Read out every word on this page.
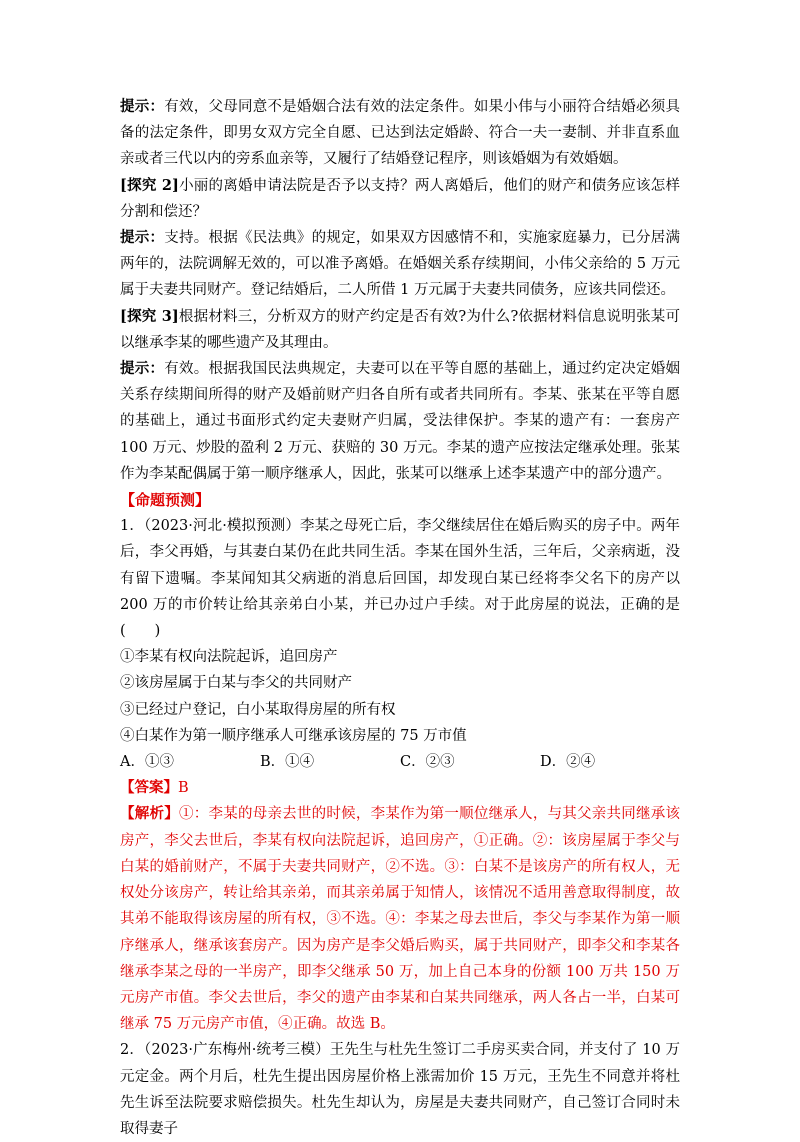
提示：有效，父母同意不是婚姻合法有效的法定条件。如果小伟与小丽符合结婚必须具备的法定条件，即男女双方完全自愿、已达到法定婚龄、符合一夫一妻制、并非直系血亲或者三代以内的旁系血亲等，又履行了结婚登记程序，则该婚姻为有效婚姻。

[探究 2]小丽的离婚申请法院是否予以支持？两人离婚后，他们的财产和债务应该怎样分割和偿还？

提示：支持。根据《民法典》的规定，如果双方因感情不和，实施家庭暴力，已分居满两年的，法院调解无效的，可以准予离婚。在婚姻关系存续期间，小伟父亲给的 5 万元属于夫妻共同财产。登记结婚后，二人所借 1 万元属于夫妻共同债务，应该共同偿还。

[探究 3]根据材料三，分析双方的财产约定是否有效?为什么?依据材料信息说明张某可以继承李某的哪些遗产及其理由。

提示：有效。根据我国民法典规定，夫妻可以在平等自愿的基础上，通过约定决定婚姻关系存续期间所得的财产及婚前财产归各自所有或者共同所有。李某、张某在平等自愿的基础上，通过书面形式约定夫妻财产归属，受法律保护。李某的遗产有：一套房产 100 万元、炒股的盈利 2 万元、获赔的 30 万元。李某的遗产应按法定继承处理。张某作为李某配偶属于第一顺序继承人，因此，张某可以继承上述李某遗产中的部分遗产。

【命题预测】

1．（2023·河北·模拟预测）李某之母死亡后，李父继续居住在婚后购买的房子中。两年后，李父再婚，与其妻白某仍在此共同生活。李某在国外生活，三年后，父亲病逝，没有留下遗嘱。李某闻知其父病逝的消息后回国，却发现白某已经将李父名下的房产以 200 万的市价转让给其亲弟白小某，并已办过户手续。对于此房屋的说法，正确的是(　　)

①李某有权向法院起诉，追回房产

②该房屋属于白某与李父的共同财产

③已经过户登记，白小某取得房屋的所有权

④白某作为第一顺序继承人可继承该房屋的 75 万市值

A．①③	B．①④	C．②③	D．②④

【答案】B

【解析】①：李某的母亲去世的时候，李某作为第一顺位继承人，与其父亲共同继承该房产，李父去世后，李某有权向法院起诉，追回房产，①正确。②：该房屋属于李父与白某的婚前财产，不属于夫妻共同财产，②不选。③：白某不是该房产的所有权人，无权处分该房产，转让给其亲弟，而其亲弟属于知情人，该情况不适用善意取得制度，故其弟不能取得该房屋的所有权，③不选。④：李某之母去世后，李父与李某作为第一顺序继承人，继承该套房产。因为房产是李父婚后购买，属于共同财产，即李父和李某各继承李某之母的一半房产，即李父继承 50 万，加上自己本身的份额 100 万共 150 万元房产市值。李父去世后，李父的遗产由李某和白某共同继承，两人各占一半，白某可继承 75 万元房产市值，④正确。故选 B。

2．（2023·广东梅州·统考三模）王先生与杜先生签订二手房买卖合同，并支付了 10 万元定金。两个月后，杜先生提出因房屋价格上涨需加价 15 万元，王先生不同意并将杜先生诉至法院要求赔偿损失。杜先生却认为，房屋是夫妻共同财产，自己签订合同时未取得妻子
